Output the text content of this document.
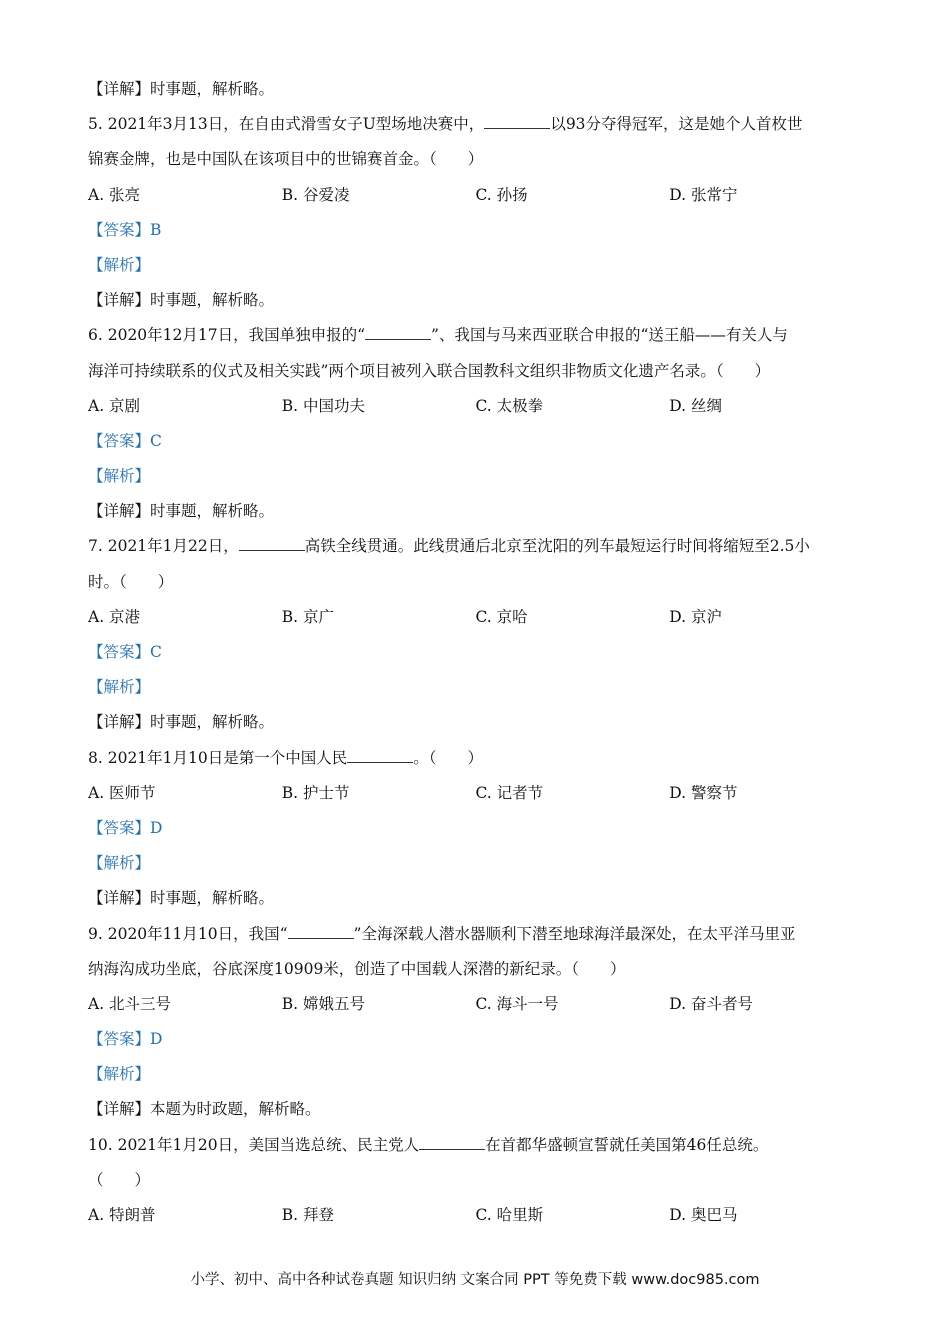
【详解】时事题，解析略。
5. 2021年3月13日，在自由式滑雪女子U型场地决赛中，	以93分夺得冠军，这是她个人首枚世
锦赛金牌，也是中国队在该项目中的世锦赛首金。（　　）
A. 张亮	B. 谷爱凌	C. 孙扬	D. 张常宁
【答案】B
【解析】
【详解】时事题，解析略。
6. 2020年12月17日，我国单独申报的“	”、我国与马来西亚联合申报的“送王船——有关人与
海洋可持续联系的仪式及相关实践”两个项目被列入联合国教科文组织非物质文化遗产名录。（　　）
A. 京剧	B. 中国功夫	C. 太极拳	D. 丝绸
【答案】C
【解析】
【详解】时事题，解析略。
7. 2021年1月22日，	高铁全线贯通。此线贯通后北京至沈阳的列车最短运行时间将缩短至2.5小
时。（　　）
A. 京港	B. 京广	C. 京哈	D. 京沪
【答案】C
【解析】
【详解】时事题，解析略。
8. 2021年1月10日是第一个中国人民	。（　　）
A. 医师节	B. 护士节	C. 记者节	D. 警察节
【答案】D
【解析】
【详解】时事题，解析略。
9. 2020年11月10日，我国“	”全海深载人潜水器顺利下潜至地球海洋最深处，在太平洋马里亚
纳海沟成功坐底，谷底深度10909米，创造了中国载人深潜的新纪录。（　　）
A. 北斗三号	B. 嫦娥五号	C. 海斗一号	D. 奋斗者号
【答案】D
【解析】
【详解】本题为时政题，解析略。
10. 2021年1月20日，美国当选总统、民主党人	在首都华盛顿宣誓就任美国第46任总统。
（　　）
A. 特朗普	B. 拜登	C. 哈里斯	D. 奥巴马
小学、初中、高中各种试卷真题 知识归纳 文案合同 PPT 等免费下载 www.doc985.com
